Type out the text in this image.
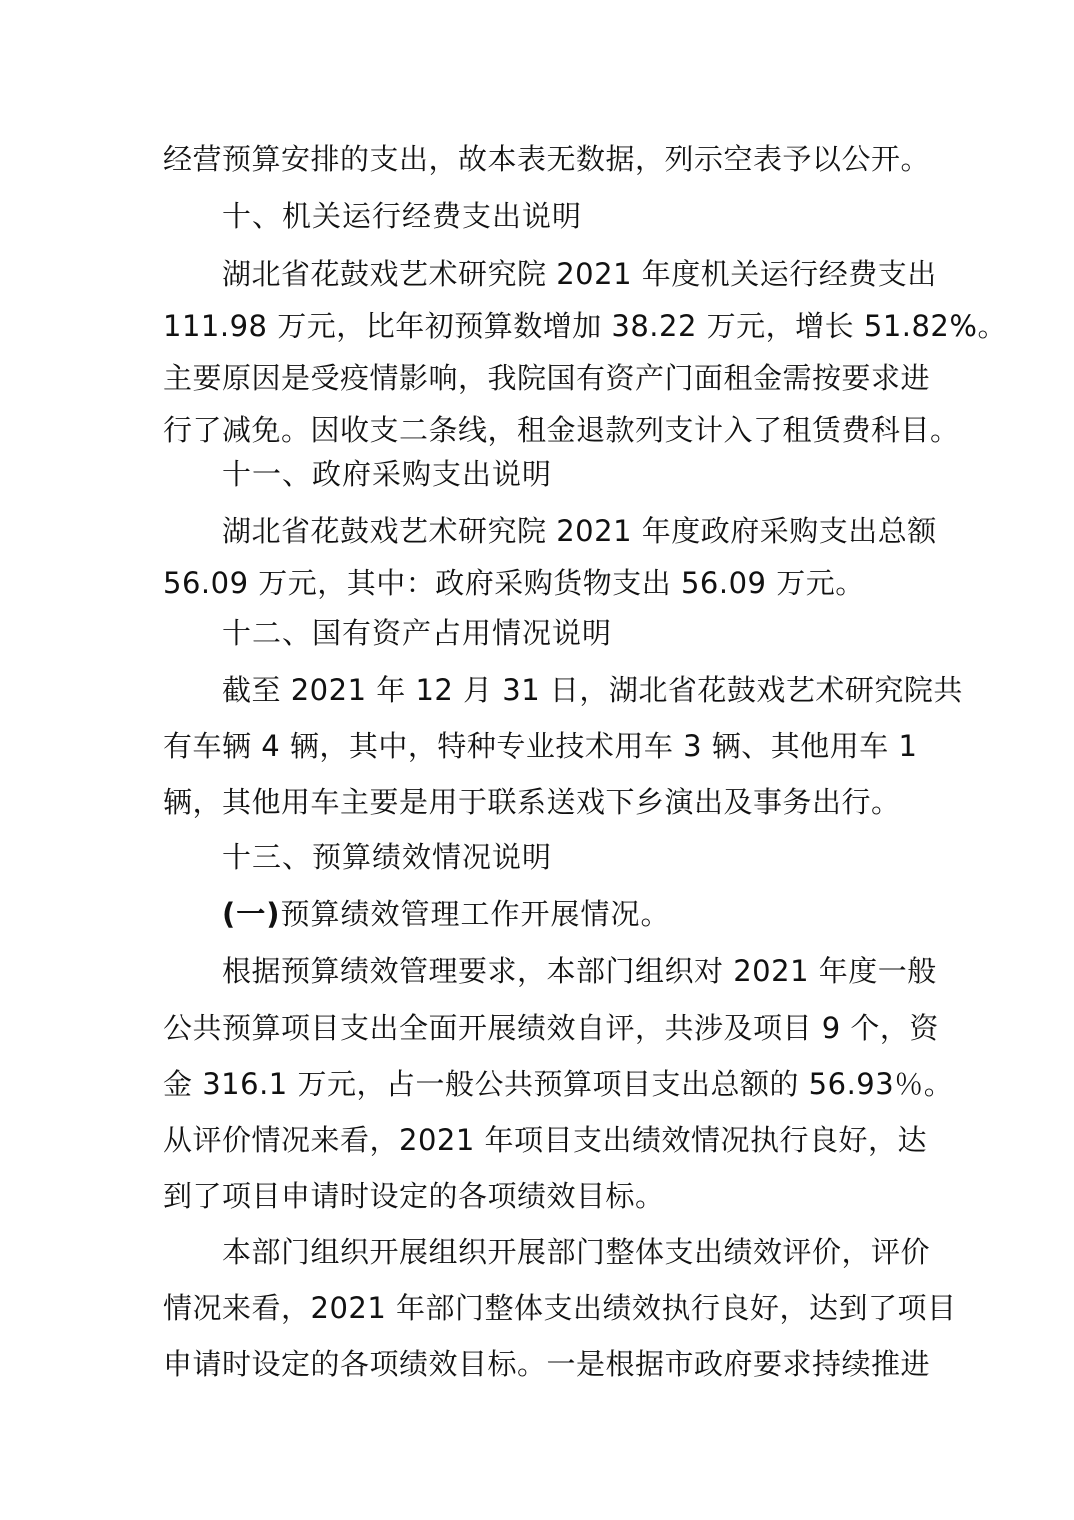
经营预算安排的支出，故本表无数据，列示空表予以公开。
十、机关运行经费支出说明
湖北省花鼓戏艺术研究院 2021 年度机关运行经费支出
111.98 万元，比年初预算数增加 38.22 万元，增长 51.82%。
主要原因是受疫情影响，我院国有资产门面租金需按要求进
行了减免。因收支二条线，租金退款列支计入了租赁费科目。
十一、政府采购支出说明
湖北省花鼓戏艺术研究院 2021 年度政府采购支出总额
56.09 万元，其中：政府采购货物支出 56.09 万元。
十二、国有资产占用情况说明
截至 2021 年 12 月 31 日，湖北省花鼓戏艺术研究院共
有车辆 4 辆，其中，特种专业技术用车 3 辆、其他用车 1
辆，其他用车主要是用于联系送戏下乡演出及事务出行。
十三、预算绩效情况说明
(一)预算绩效管理工作开展情况。
根据预算绩效管理要求，本部门组织对 2021 年度一般
公共预算项目支出全面开展绩效自评，共涉及项目 9 个，资
金 316.1 万元，占一般公共预算项目支出总额的 56.93％。
从评价情况来看，2021 年项目支出绩效情况执行良好，达
到了项目申请时设定的各项绩效目标。
本部门组织开展组织开展部门整体支出绩效评价，评价
情况来看，2021 年部门整体支出绩效执行良好，达到了项目
申请时设定的各项绩效目标。一是根据市政府要求持续推进
